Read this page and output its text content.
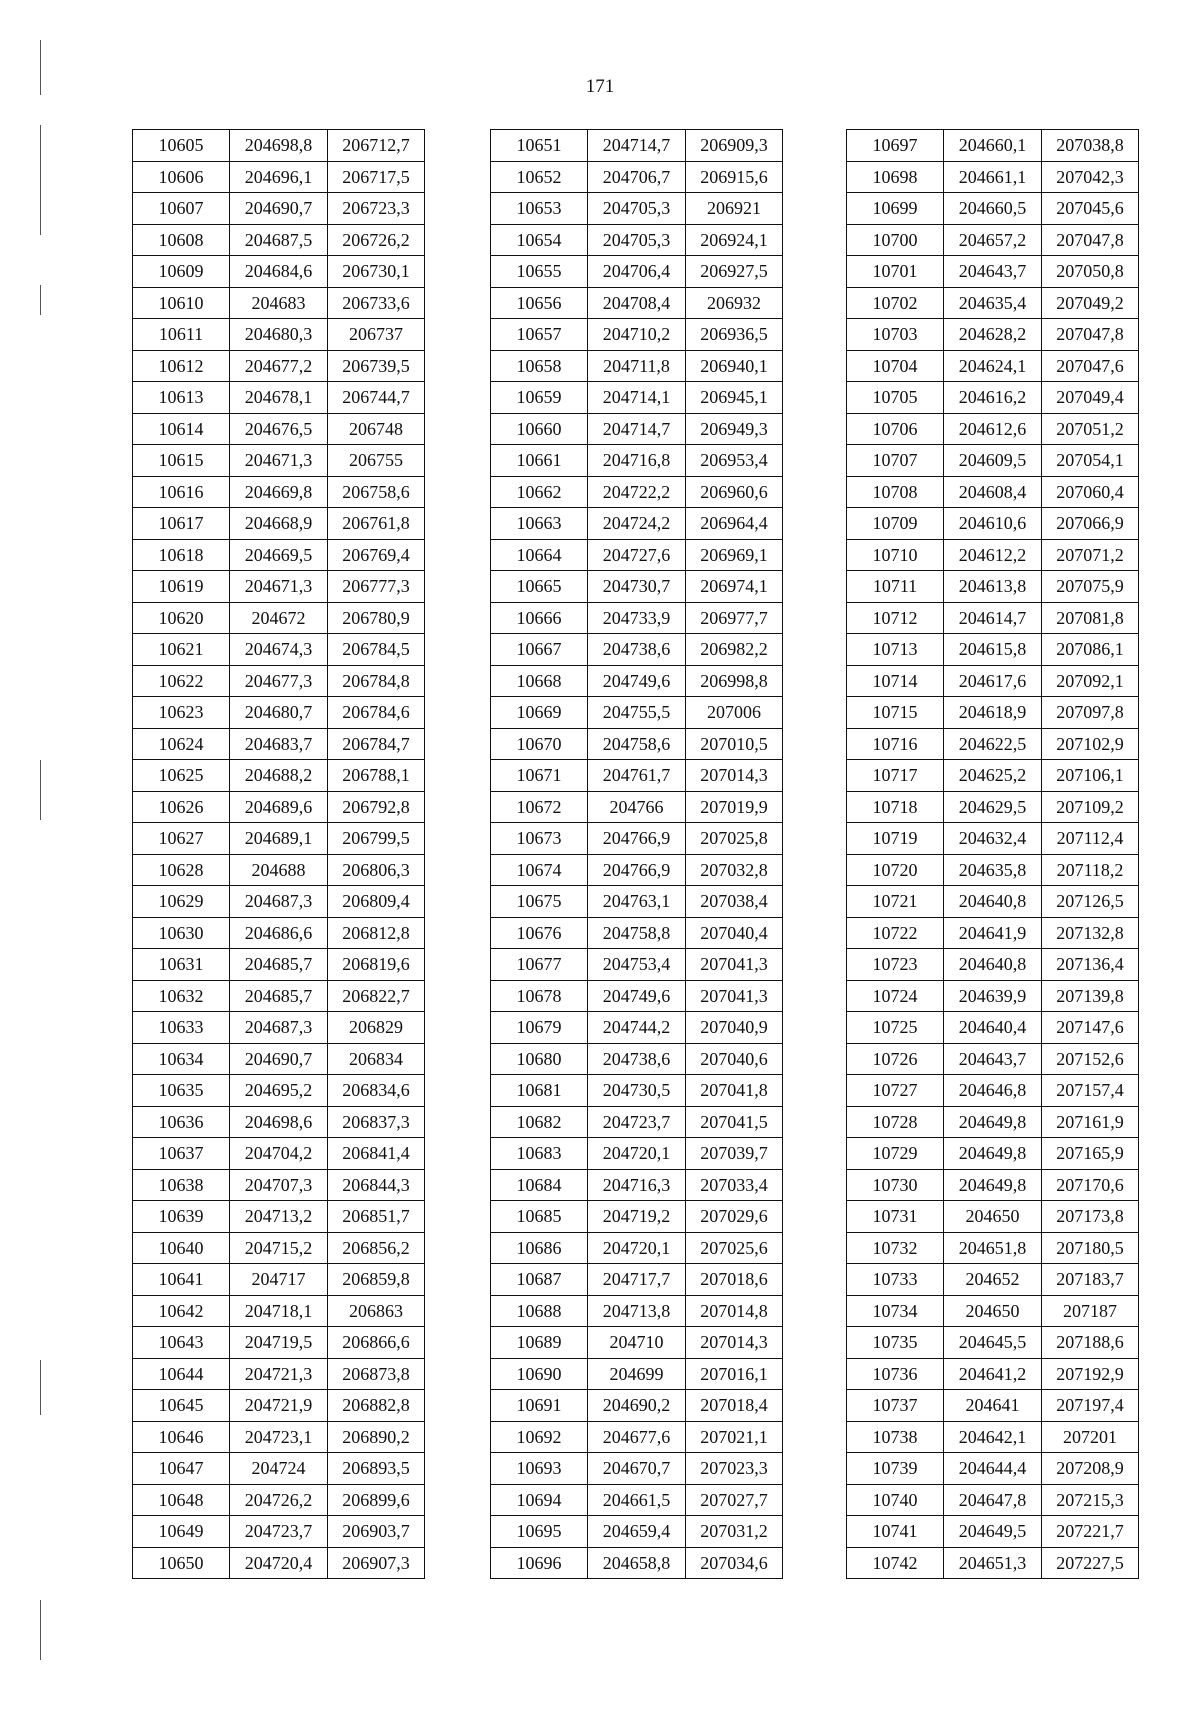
171
10605	204698,8	206712,7
10606	204696,1	206717,5
10607	204690,7	206723,3
10608	204687,5	206726,2
10609	204684,6	206730,1
10610	204683	206733,6
10611	204680,3	206737
10612	204677,2	206739,5
10613	204678,1	206744,7
10614	204676,5	206748
10615	204671,3	206755
10616	204669,8	206758,6
10617	204668,9	206761,8
10618	204669,5	206769,4
10619	204671,3	206777,3
10620	204672	206780,9
10621	204674,3	206784,5
10622	204677,3	206784,8
10623	204680,7	206784,6
10624	204683,7	206784,7
10625	204688,2	206788,1
10626	204689,6	206792,8
10627	204689,1	206799,5
10628	204688	206806,3
10629	204687,3	206809,4
10630	204686,6	206812,8
10631	204685,7	206819,6
10632	204685,7	206822,7
10633	204687,3	206829
10634	204690,7	206834
10635	204695,2	206834,6
10636	204698,6	206837,3
10637	204704,2	206841,4
10638	204707,3	206844,3
10639	204713,2	206851,7
10640	204715,2	206856,2
10641	204717	206859,8
10642	204718,1	206863
10643	204719,5	206866,6
10644	204721,3	206873,8
10645	204721,9	206882,8
10646	204723,1	206890,2
10647	204724	206893,5
10648	204726,2	206899,6
10649	204723,7	206903,7
10650	204720,4	206907,3
10651	204714,7	206909,3
10652	204706,7	206915,6
10653	204705,3	206921
10654	204705,3	206924,1
10655	204706,4	206927,5
10656	204708,4	206932
10657	204710,2	206936,5
10658	204711,8	206940,1
10659	204714,1	206945,1
10660	204714,7	206949,3
10661	204716,8	206953,4
10662	204722,2	206960,6
10663	204724,2	206964,4
10664	204727,6	206969,1
10665	204730,7	206974,1
10666	204733,9	206977,7
10667	204738,6	206982,2
10668	204749,6	206998,8
10669	204755,5	207006
10670	204758,6	207010,5
10671	204761,7	207014,3
10672	204766	207019,9
10673	204766,9	207025,8
10674	204766,9	207032,8
10675	204763,1	207038,4
10676	204758,8	207040,4
10677	204753,4	207041,3
10678	204749,6	207041,3
10679	204744,2	207040,9
10680	204738,6	207040,6
10681	204730,5	207041,8
10682	204723,7	207041,5
10683	204720,1	207039,7
10684	204716,3	207033,4
10685	204719,2	207029,6
10686	204720,1	207025,6
10687	204717,7	207018,6
10688	204713,8	207014,8
10689	204710	207014,3
10690	204699	207016,1
10691	204690,2	207018,4
10692	204677,6	207021,1
10693	204670,7	207023,3
10694	204661,5	207027,7
10695	204659,4	207031,2
10696	204658,8	207034,6
10697	204660,1	207038,8
10698	204661,1	207042,3
10699	204660,5	207045,6
10700	204657,2	207047,8
10701	204643,7	207050,8
10702	204635,4	207049,2
10703	204628,2	207047,8
10704	204624,1	207047,6
10705	204616,2	207049,4
10706	204612,6	207051,2
10707	204609,5	207054,1
10708	204608,4	207060,4
10709	204610,6	207066,9
10710	204612,2	207071,2
10711	204613,8	207075,9
10712	204614,7	207081,8
10713	204615,8	207086,1
10714	204617,6	207092,1
10715	204618,9	207097,8
10716	204622,5	207102,9
10717	204625,2	207106,1
10718	204629,5	207109,2
10719	204632,4	207112,4
10720	204635,8	207118,2
10721	204640,8	207126,5
10722	204641,9	207132,8
10723	204640,8	207136,4
10724	204639,9	207139,8
10725	204640,4	207147,6
10726	204643,7	207152,6
10727	204646,8	207157,4
10728	204649,8	207161,9
10729	204649,8	207165,9
10730	204649,8	207170,6
10731	204650	207173,8
10732	204651,8	207180,5
10733	204652	207183,7
10734	204650	207187
10735	204645,5	207188,6
10736	204641,2	207192,9
10737	204641	207197,4
10738	204642,1	207201
10739	204644,4	207208,9
10740	204647,8	207215,3
10741	204649,5	207221,7
10742	204651,3	207227,5
